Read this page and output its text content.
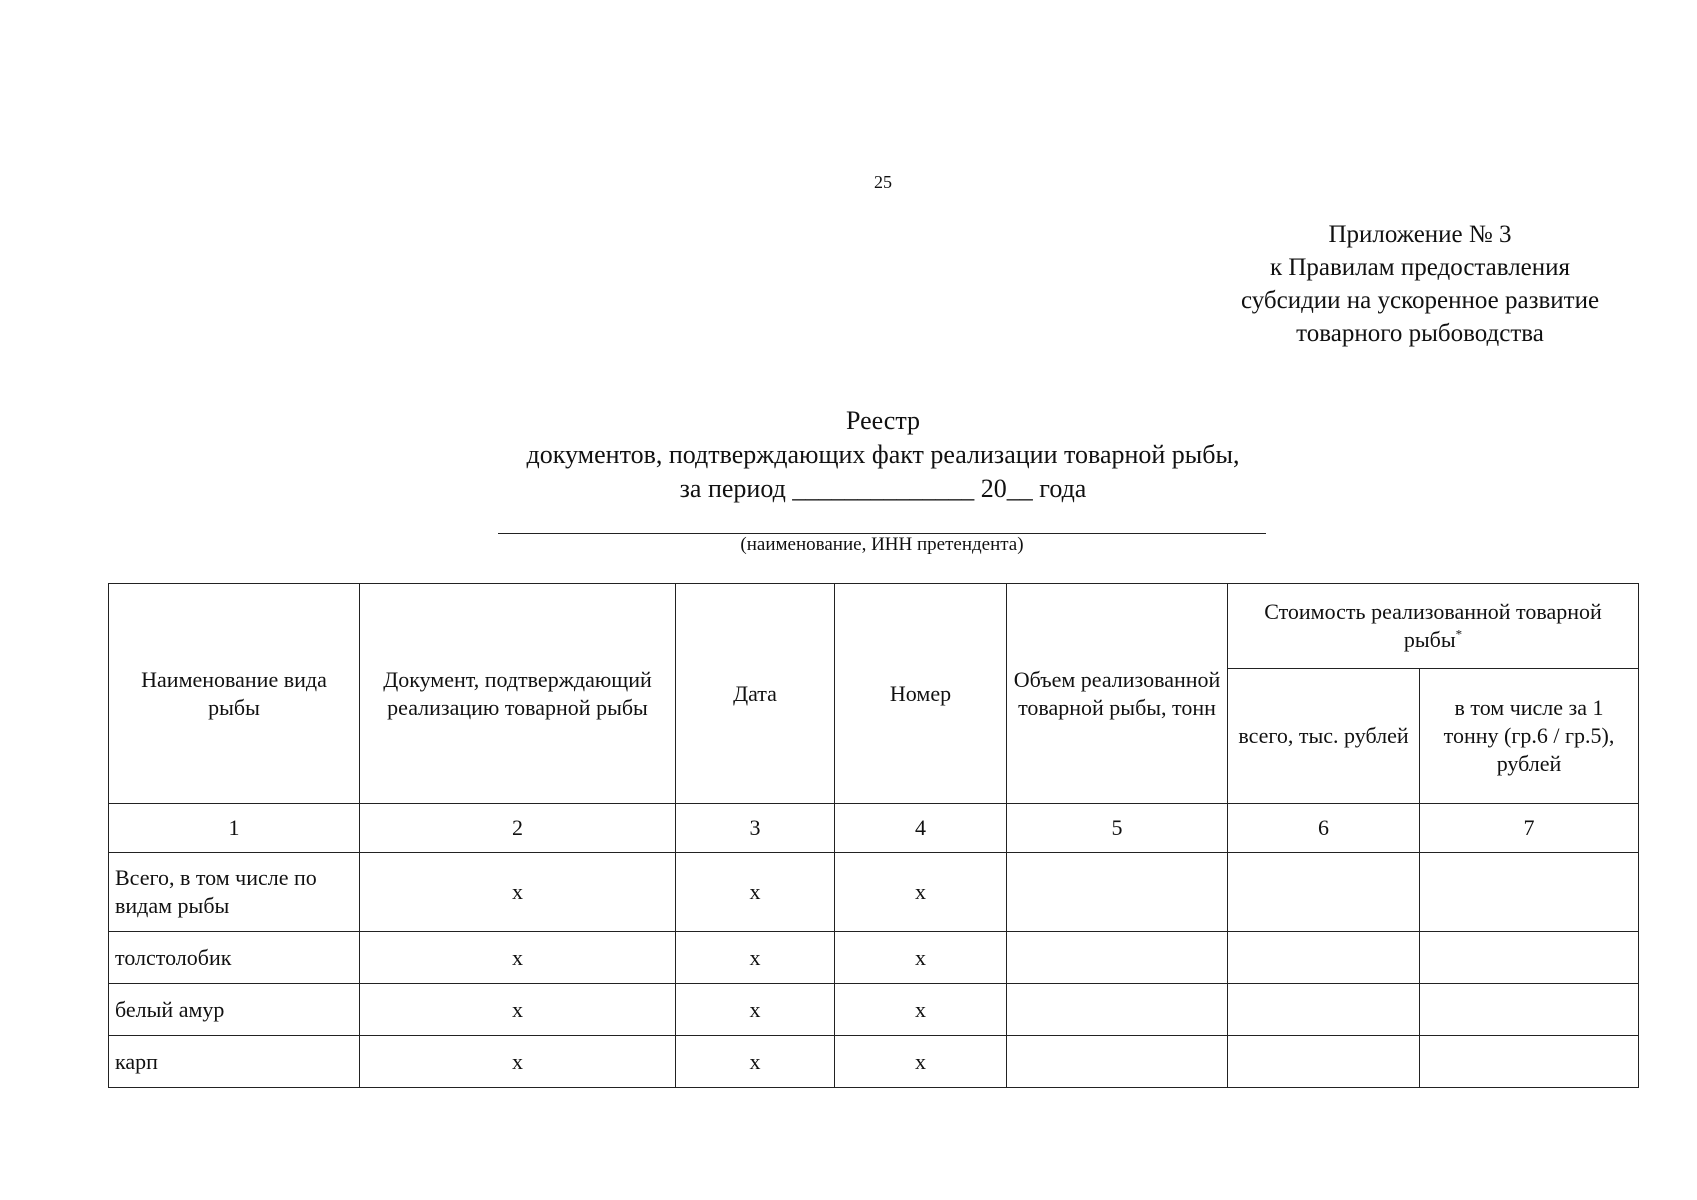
25
Приложение № 3
к Правилам предоставления
субсидии на ускоренное развитие
товарного рыбоводства
Реестр
документов, подтверждающих факт реализации товарной рыбы,
за период ______________ 20__ года
(наименование, ИНН претендента)
Наименование вида рыбы	Документ, подтверждающий реализацию товарной рыбы	Дата	Номер	Объем реализованной товарной рыбы, тонн	Стоимость реализованной товарной рыбы*
					всего, тыс. рублей	в том числе за 1 тонну (гр.6 / гр.5), рублей
1	2	3	4	5	6	7
Всего, в том числе по видам рыбы	x	x	x			
толстолобик	x	x	x			
белый амур	x	x	x			
карп	x	x	x			
